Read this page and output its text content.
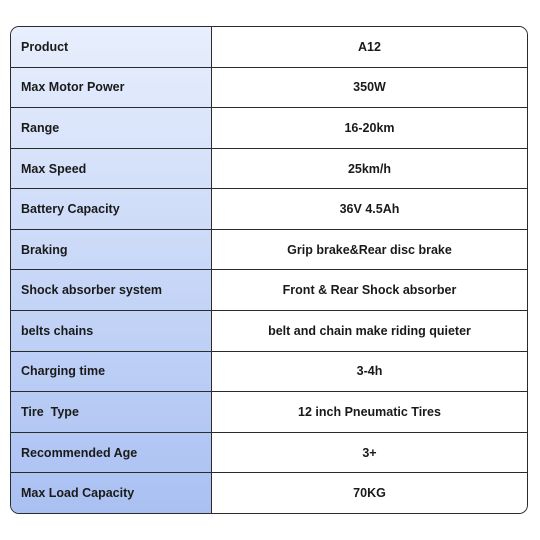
Product	A12
Max Motor Power	350W
Range	16-20km
Max Speed	25km/h
Battery Capacity	36V 4.5Ah
Braking	Grip brake&Rear disc brake
Shock absorber system	Front & Rear Shock absorber
belts chains	belt and chain make riding quieter
Charging time	3-4h
Tire  Type	12 inch Pneumatic Tires
Recommended Age	3+
Max Load Capacity	70KG
